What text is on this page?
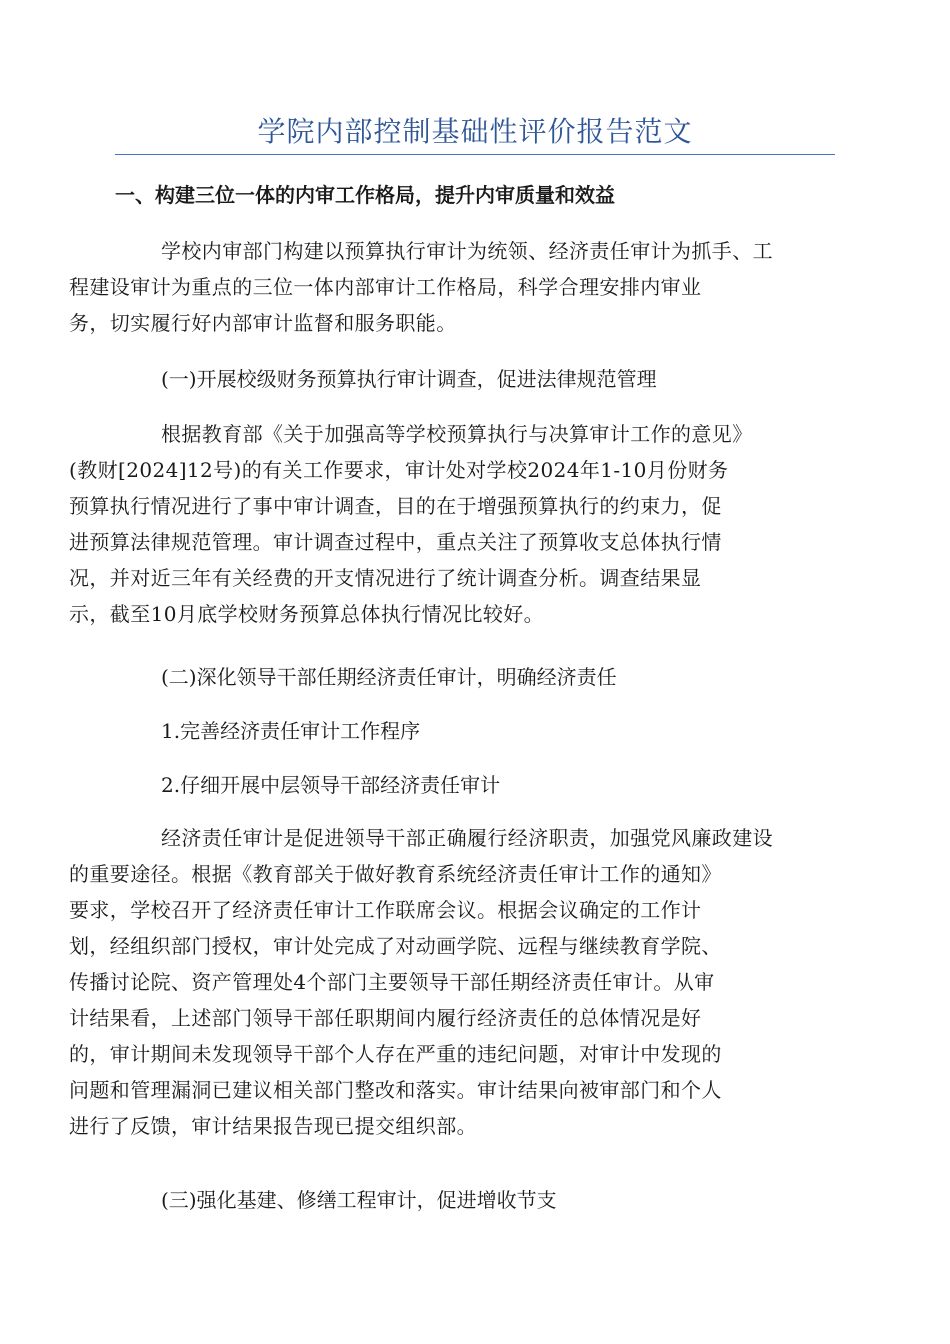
学院内部控制基础性评价报告范文
一、构建三位一体的内审工作格局，提升内审质量和效益
学校内审部门构建以预算执行审计为统领、经济责任审计为抓手、工
程建设审计为重点的三位一体内部审计工作格局，科学合理安排内审业
务，切实履行好内部审计监督和服务职能。
(一)开展校级财务预算执行审计调查，促进法律规范管理
根据教育部《关于加强高等学校预算执行与决算审计工作的意见》
(教财[2024]12号)的有关工作要求，审计处对学校2024年1-10月份财务
预算执行情况进行了事中审计调查，目的在于增强预算执行的约束力，促
进预算法律规范管理。审计调查过程中，重点关注了预算收支总体执行情
况，并对近三年有关经费的开支情况进行了统计调查分析。调查结果显
示，截至10月底学校财务预算总体执行情况比较好。
(二)深化领导干部任期经济责任审计，明确经济责任
1.完善经济责任审计工作程序
2.仔细开展中层领导干部经济责任审计
经济责任审计是促进领导干部正确履行经济职责，加强党风廉政建设
的重要途径。根据《教育部关于做好教育系统经济责任审计工作的通知》
要求，学校召开了经济责任审计工作联席会议。根据会议确定的工作计
划，经组织部门授权，审计处完成了对动画学院、远程与继续教育学院、
传播讨论院、资产管理处4个部门主要领导干部任期经济责任审计。从审
计结果看，上述部门领导干部任职期间内履行经济责任的总体情况是好
的，审计期间未发现领导干部个人存在严重的违纪问题，对审计中发现的
问题和管理漏洞已建议相关部门整改和落实。审计结果向被审部门和个人
进行了反馈，审计结果报告现已提交组织部。
(三)强化基建、修缮工程审计，促进增收节支
